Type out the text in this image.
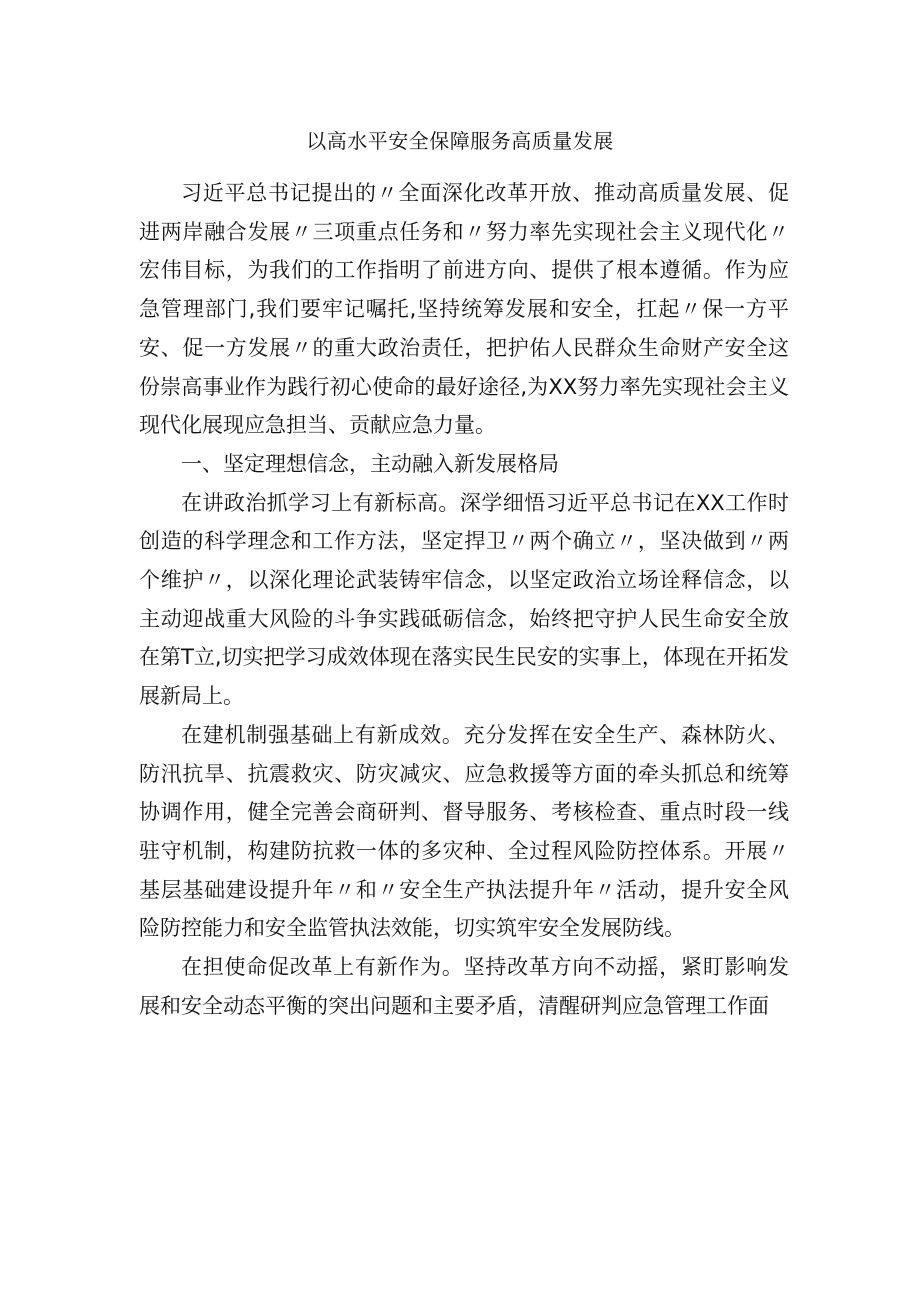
以高水平安全保障服务高质量发展

习近平总书记提出的〃全面深化改革开放、推动高质量发展、促进两岸融合发展〃三项重点任务和〃努力率先实现社会主义现代化〃宏伟目标，为我们的工作指明了前进方向、提供了根本遵循。作为应急管理部门,我们要牢记嘱托,坚持统筹发展和安全，扛起〃保一方平安、促一方发展〃的重大政治责任，把护佑人民群众生命财产安全这份崇高事业作为践行初心使命的最好途径,为XX努力率先实现社会主义现代化展现应急担当、贡献应急力量。

一、坚定理想信念，主动融入新发展格局

在讲政治抓学习上有新标高。深学细悟习近平总书记在XX工作时创造的科学理念和工作方法，坚定捍卫〃两个确立〃，坚决做到〃两个维护〃，以深化理论武装铸牢信念，以坚定政治立场诠释信念，以主动迎战重大风险的斗争实践砥砺信念，始终把守护人民生命安全放在第T立,切实把学习成效体现在落实民生民安的实事上，体现在开拓发展新局上。

在建机制强基础上有新成效。充分发挥在安全生产、森林防火、防汛抗旱、抗震救灾、防灾减灾、应急救援等方面的牵头抓总和统筹协调作用，健全完善会商研判、督导服务、考核检查、重点时段一线驻守机制，构建防抗救一体的多灾种、全过程风险防控体系。开展〃基层基础建设提升年〃和〃安全生产执法提升年〃活动，提升安全风险防控能力和安全监管执法效能，切实筑牢安全发展防线。

在担使命促改革上有新作为。坚持改革方向不动摇，紧盯影响发展和安全动态平衡的突出问题和主要矛盾，清醒研判应急管理工作面
